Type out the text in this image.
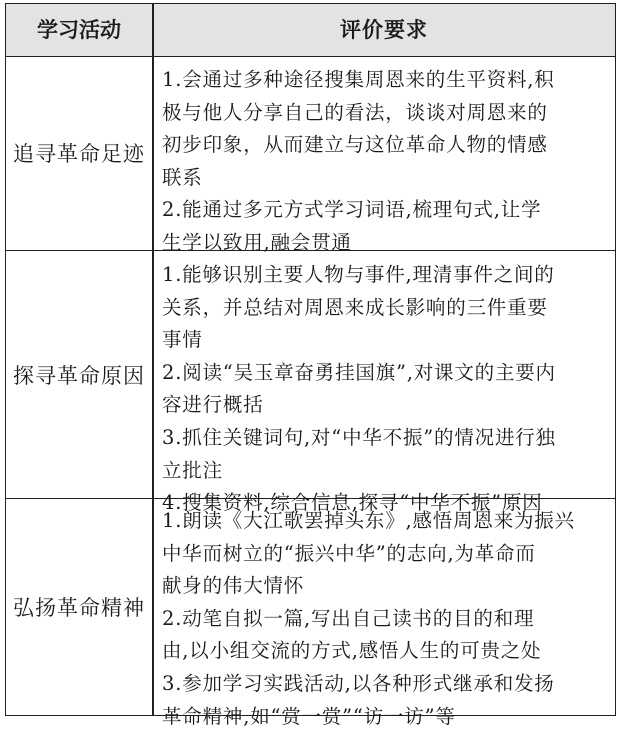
学习活动	评价要求
追寻革命足迹
1.会通过多种途径搜集周恩来的生平资料,积
极与他人分享自己的看法，谈谈对周恩来的
初步印象，从而建立与这位革命人物的情感
联系
2.能通过多元方式学习词语,梳理句式,让学
生学以致用,融会贯通
探寻革命原因
1.能够识别主要人物与事件,理清事件之间的
关系，并总结对周恩来成长影响的三件重要
事情
2.阅读“吴玉章奋勇挂国旗”,对课文的主要内
容进行概括
3.抓住关键词句,对“中华不振”的情况进行独
立批注
4.搜集资料,综合信息,探寻“中华不振”原因
弘扬革命精神
1.朗读《大江歌罢掉头东》,感悟周恩来为振兴
中华而树立的“振兴中华”的志向,为革命而
献身的伟大情怀
2.动笔自拟一篇,写出自己读书的目的和理
由,以小组交流的方式,感悟人生的可贵之处
3.参加学习实践活动,以各种形式继承和发扬
革命精神,如“赏一赏”“访一访”等
